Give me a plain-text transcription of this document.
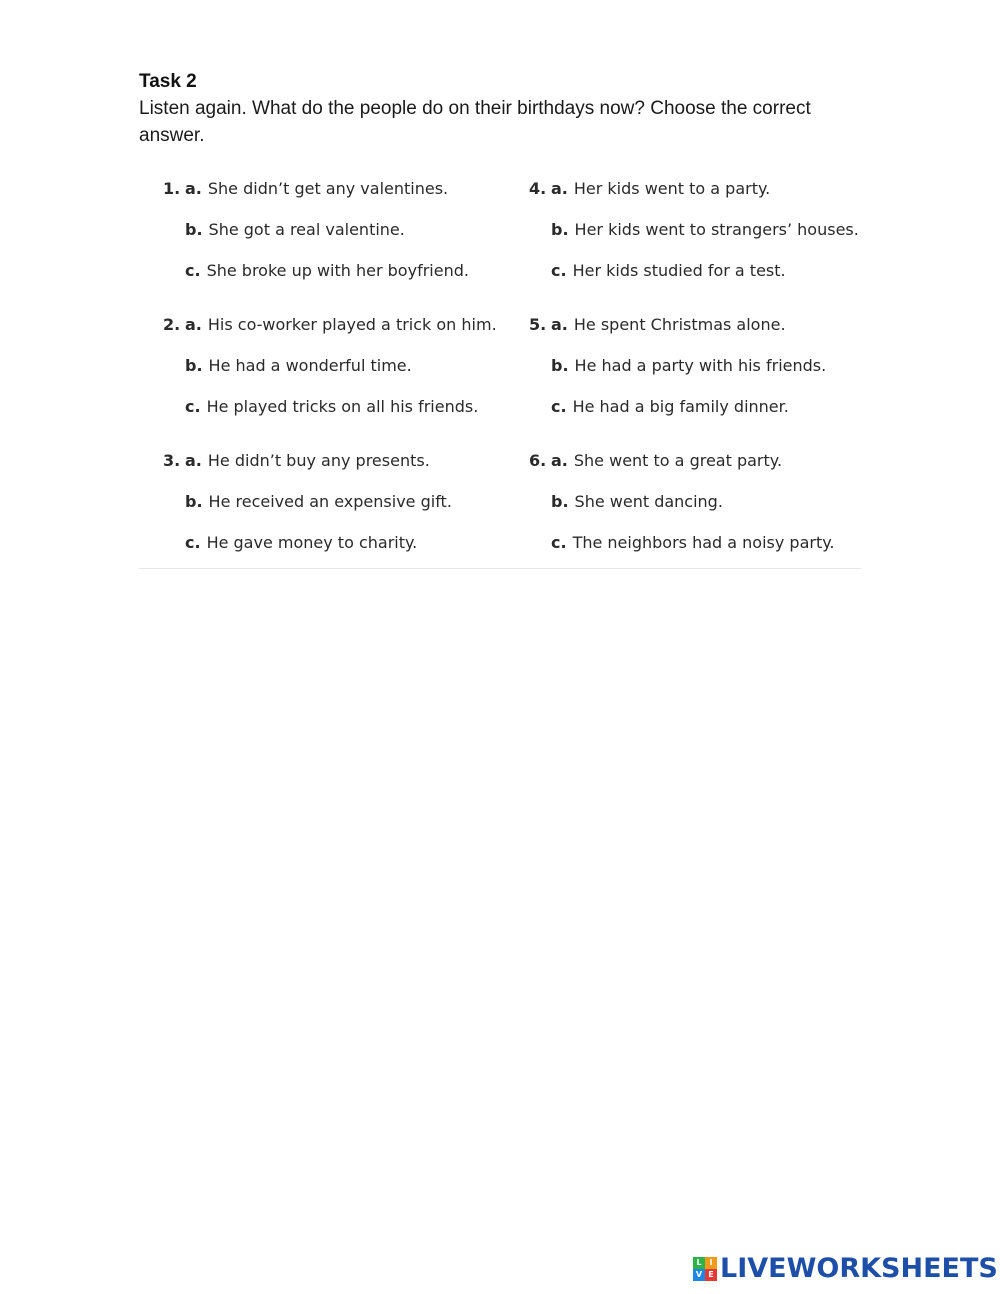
Task 2

Listen again. What do the people do on their birthdays now? Choose the correct answer.

1. a. She didn’t get any valentines.
b. She got a real valentine.
c. She broke up with her boyfriend.
2. a. His co-worker played a trick on him.
b. He had a wonderful time.
c. He played tricks on all his friends.
3. a. He didn’t buy any presents.
b. He received an expensive gift.
c. He gave money to charity.
4. a. Her kids went to a party.
b. Her kids went to strangers’ houses.
c. Her kids studied for a test.
5. a. He spent Christmas alone.
b. He had a party with his friends.
c. He had a big family dinner.
6. a. She went to a great party.
b. She went dancing.
c. The neighbors had a noisy party.
L I
V E LIVEWORKSHEETS
